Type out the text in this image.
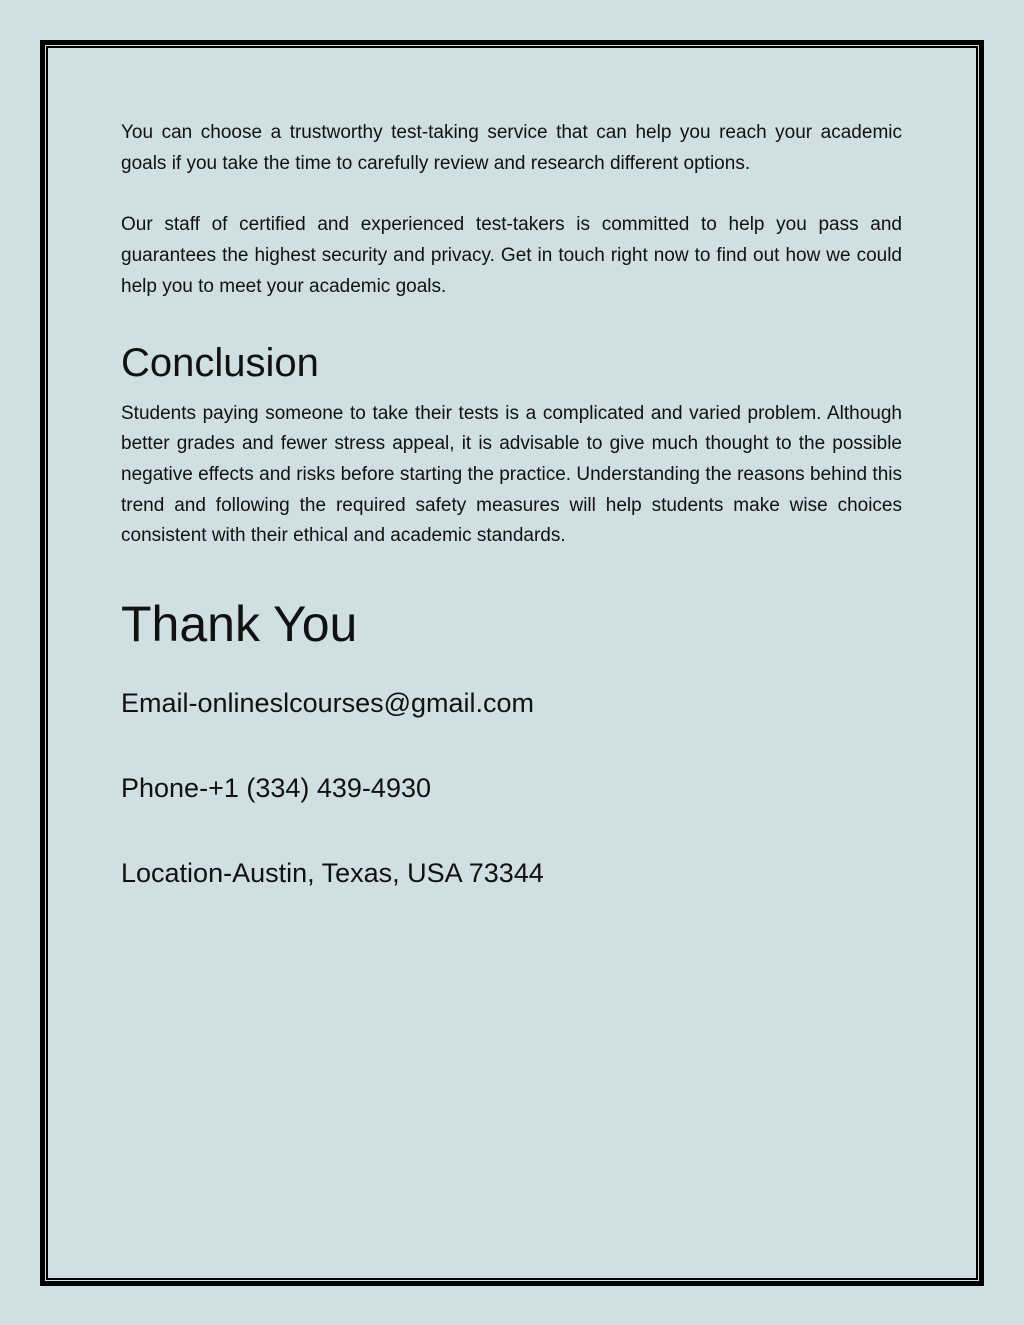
You can choose a trustworthy test-taking service that can help you reach your academic goals if you take the time to carefully review and research different options.

Our staff of certified and experienced test-takers is committed to help you pass and guarantees the highest security and privacy. Get in touch right now to find out how we could help you to meet your academic goals.

Conclusion

Students paying someone to take their tests is a complicated and varied problem. Although better grades and fewer stress appeal, it is advisable to give much thought to the possible negative effects and risks before starting the practice. Understanding the reasons behind this trend and following the required safety measures will help students make wise choices consistent with their ethical and academic standards.

Thank You

Email-onlineslcourses@gmail.com

Phone-+1 (334) 439-4930

Location-Austin, Texas, USA 73344
